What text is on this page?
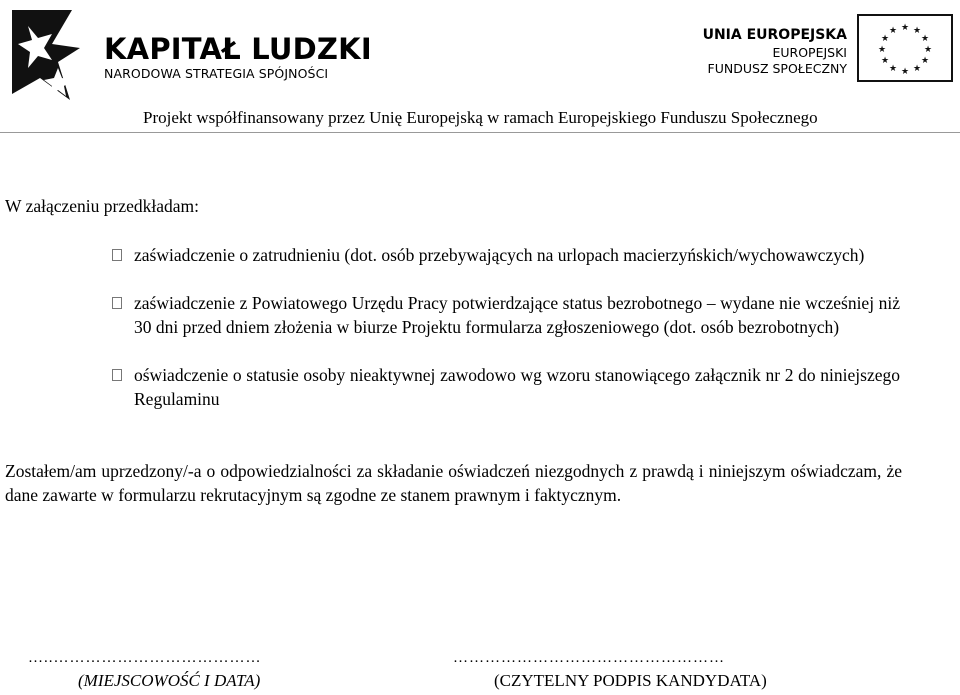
KAPITAŁ LUDZKI
NARODOWA STRATEGIA SPÓJNOŚCI
UNIA EUROPEJSKA
EUROPEJSKI
FUNDUSZ SPOŁECZNY
★ ★
★
★
★
★
★
★
★
★
★
★
Projekt współfinansowany przez Unię Europejską w ramach Europejskiego Funduszu Społecznego
W załączeniu przedkładam:
zaświadczenie o zatrudnieniu (dot. osób przebywających na urlopach macierzyńskich/wychowawczych)
zaświadczenie z Powiatowego Urzędu Pracy potwierdzające status bezrobotnego – wydane nie wcześniej niż 30 dni przed dniem złożenia w biurze Projektu formularza zgłoszeniowego (dot. osób bezrobotnych)
oświadczenie o statusie osoby nieaktywnej zawodowo wg wzoru stanowiącego załącznik nr 2 do niniejszego Regulaminu
Zostałem/am uprzedzony/-a o odpowiedzialności za składanie oświadczeń niezgodnych z prawdą i niniejszym oświadczam, że dane zawarte w formularzu rekrutacyjnym są zgodne ze stanem prawnym i faktycznym.
…..…………………………………	……………………………………………
(MIEJSCOWOŚĆ I DATA)	(CZYTELNY PODPIS KANDYDATA)
